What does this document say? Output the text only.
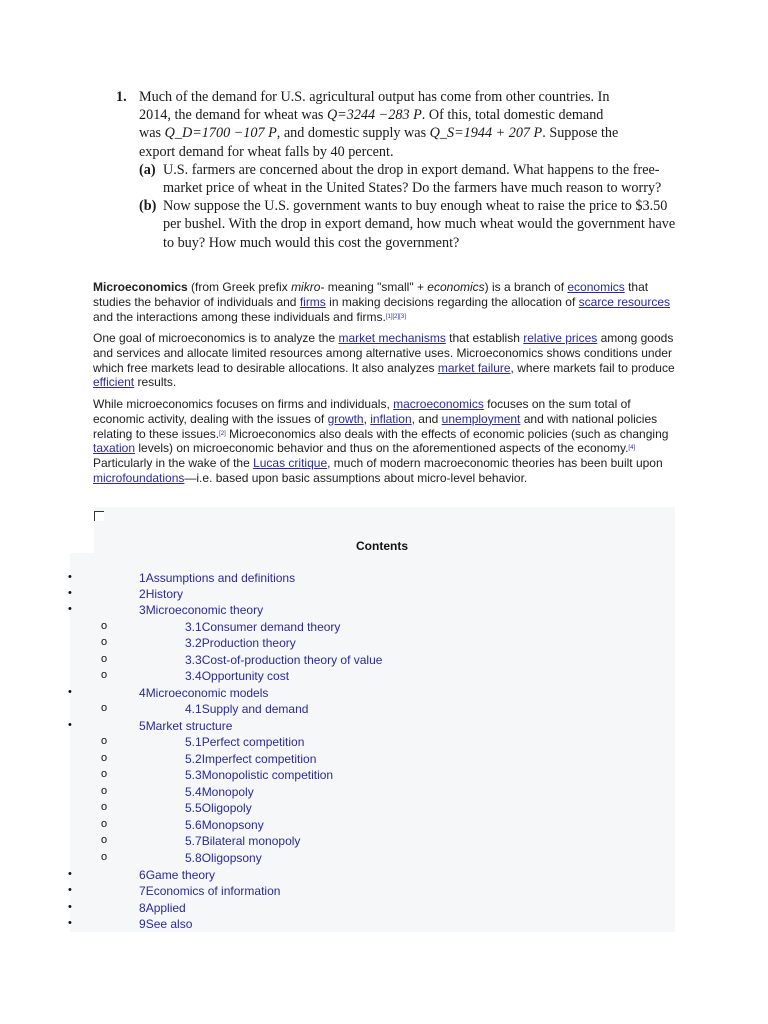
1. Much of the demand for U.S. agricultural output has come from other countries. In
2014, the demand for wheat was Q=3244 −283 P. Of this, total domestic demand
was Q_D=1700 −107 P, and domestic supply was Q_S=1944 + 207 P. Suppose the
export demand for wheat falls by 40 percent.
(a) U.S. farmers are concerned about the drop in export demand. What happens to the free-market price of wheat in the United States? Do the farmers have much reason to worry?
(b) Now suppose the U.S. government wants to buy enough wheat to raise the price to $3.50 per bushel. With the drop in export demand, how much wheat would the government have to buy? How much would this cost the government?
Microeconomics (from Greek prefix mikro- meaning "small" + economics) is a branch of economics that studies the behavior of individuals and firms in making decisions regarding the allocation of scarce resources and the interactions among these individuals and firms.[1][2][3]
One goal of microeconomics is to analyze the market mechanisms that establish relative prices among goods and services and allocate limited resources among alternative uses. Microeconomics shows conditions under which free markets lead to desirable allocations. It also analyzes market failure, where markets fail to produce efficient results.
While microeconomics focuses on firms and individuals, macroeconomics focuses on the sum total of economic activity, dealing with the issues of growth, inflation, and unemployment and with national policies relating to these issues.[2] Microeconomics also deals with the effects of economic policies (such as changing taxation levels) on microeconomic behavior and thus on the aforementioned aspects of the economy.[4] Particularly in the wake of the Lucas critique, much of modern macroeconomic theories has been built upon microfoundations—i.e. based upon basic assumptions about micro-level behavior.
Contents
•	1Assumptions and definitions
•	2History
•	3Microeconomic theory
o	3.1Consumer demand theory
o	3.2Production theory
o	3.3Cost-of-production theory of value
o	3.4Opportunity cost
•	4Microeconomic models
o	4.1Supply and demand
•	5Market structure
o	5.1Perfect competition
o	5.2Imperfect competition
o	5.3Monopolistic competition
o	5.4Monopoly
o	5.5Oligopoly
o	5.6Monopsony
o	5.7Bilateral monopoly
o	5.8Oligopsony
•	6Game theory
•	7Economics of information
•	8Applied
•	9See also
